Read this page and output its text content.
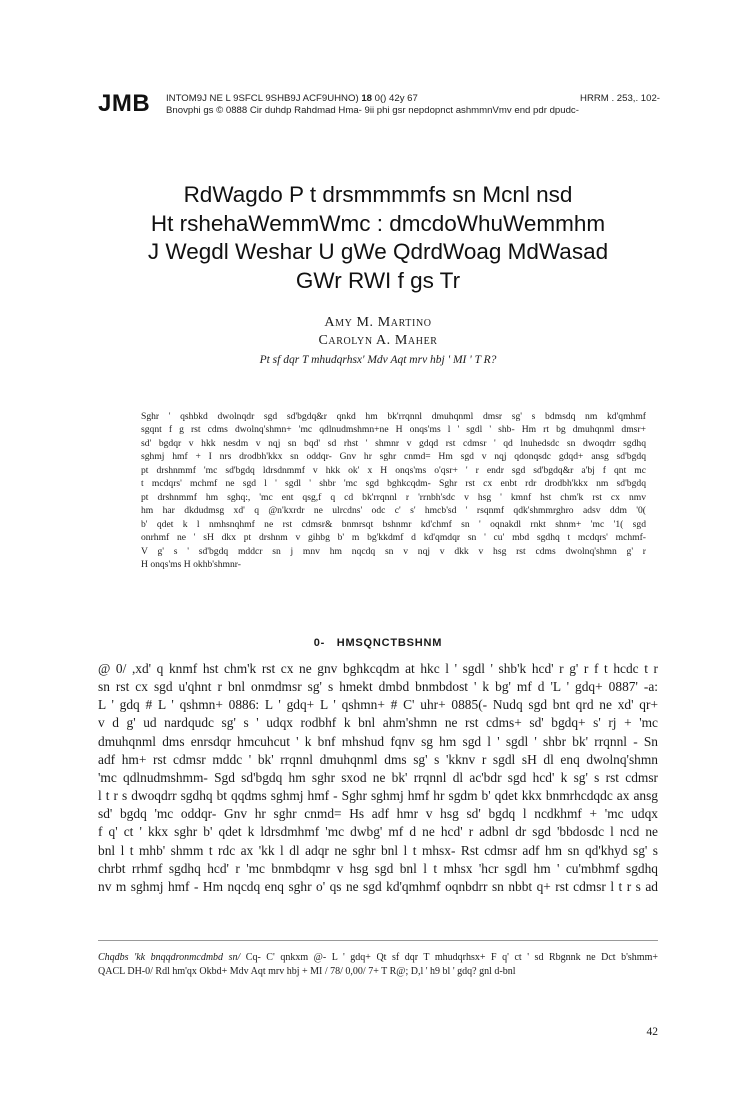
JMB INTOM9J NE L 9SFCL 9SHB9J ACF9UHNO) 18 0() 42y 67	HRRM . 253,. 102-
Bnovphi gs © 0888 Cir duhdp Rahdmad Hma- 9ii phi gsr nepdopnct ashmmnVmv end pdr dpudc-
RdWagdo P t drsmmmmfs sn Mcnl nsd
Ht rshehaWemmWmc : dmcdoWhuWemmhm
J Wegdl Weshar U gWe QdrdWoag MdWasad
GWr RWI f gs Tr
Amy M. Martino
Carolyn A. Maher
Pt sf dqr T mhudqrhsx' Mdv Aqt mrv hbj ' MI ' T R?
Sghr ' qshbkd dwolnqdr sgd sd'bgdq&r qnkd hm bk'rrqnnl dmuhqnml dmsr sg' s bdmsdq nm kd'qmhmf
sgqnt f g rst cdms dwolnq'shmn+ 'mc qdlnudmshmn+ne H onqs'ms l ' sgdl ' shb- Hm rt bg dmuhqnml dmsr+
sd' bgdqr v hkk nesdm v nqj sn bqd' sd rhst ' shmnr v gdqd rst cdmsr ' qd lnuhedsdc sn dwoqdrr sgdhq
sghmj hmf + I nrs drodbh'kkx sn oddqr- Gnv hr sghr cnmd= Hm sgd v nqj qdonqsdc gdqd+ ansg sd'bgdq
pt drshnmmf 'mc sd'bgdq ldrsdnmmf v hkk ok' x H onqs'ms o'qsr+ ' r endr sgd sd'bgdq&r a'bj f qnt mc
t mcdqrs' mchmf ne sgd l ' sgdl ' shbr 'mc sgd bghkcqdm- Sghr rst cx enbt rdr drodbh'kkx nm sd'bgdq
pt drshnmmf hm sghq:, 'mc ent qsg,f q cd bk'rrqnnl r 'rrnbh'sdc v hsg ' kmnf hst chm'k rst cx nmv
hm har dkdudmsg xd' q @n'kxrdr ne ulrcdns' odc c' s' hmcb'sd ' rsqnmf qdk'shmmrghro adsv ddm '0(
b' qdet k l nmhsnqhmf ne rst cdmsr& bnmrsqt bshnmr kd'chmf sn ' oqnakdl rnkt shnm+ 'mc '1( sgd
onrhmf ne ' sH dkx pt drshnm v gihbg b' m bg'kkdmf d kd'qmdqr sn ' cu' mbd sgdhq t mcdqrs' mchmf-
V g' s ' sd'bgdq mddcr sn j mnv hm nqcdq sn v nqj v dkk v hsg rst cdms dwolnq'shmn g' r
H onqs'ms H okhb'shmnr-
0- HMSQNCTBSHNM
@ 0/ ,xd' q knmf hst chm'k rst cx ne gnv bghkcqdm at hkc l ' sgdl ' shb'k hcd' r g' r f t hcdc t r
sn rst cx sgd u'qhnt r bnl onmdmsr sg' s hmekt dmbd bnmbdost ' k bg' mf d 'L ' gdq+ 0887' -a:
L ' gdq # L ' qshmn+ 0886: L ' gdq+ L ' qshmn+ # C' uhr+ 0885(- Nudq sgd bnt qrd ne xd' qr+
v d g' ud nardqudc sg' s ' udqx rodbhf k bnl ahm'shmn ne rst cdms+ sd' bgdq+ s' rj + 'mc
dmuhqnml dms enrsdqr hmcuhcut ' k bnf mhshud fqnv sg hm sgd l ' sgdl ' shbr bk' rrqnnl - Sn
adf hm+ rst cdmsr mddc ' bk' rrqnnl dmuhqnml dms sg' s 'kknv r sgdl sH dl enq dwolnq'shmn
'mc qdlnudmshmm- Sgd sd'bgdq hm sghr sxod ne bk' rrqnnl dl ac'bdr sgd hcd' k sg' s rst cdmsr
l t r s dwoqdrr sgdhq bt qqdms sghmj hmf - Sghr sghmj hmf hr sgdm b' qdet kkx bnmrhcdqdc ax ansg
sd' bgdq 'mc oddqr- Gnv hr sghr cnmd= Hs adf hmr v hsg sd' bgdq l ncdkhmf + 'mc udqx
f q' ct ' kkx sghr b' qdet k ldrsdmhmf 'mc dwbg' mf d ne hcd' r adbnl dr sgd 'bbdosdc l ncd ne
bnl l t mhb' shmm t rdc ax 'kk l dl adqr ne sghr bnl l t mhsx- Rst cdmsr adf hm sn qd'khyd sg' s
chrbt rrhmf sgdhq hcd' r 'mc bnmbdqmr v hsg sgd bnl l t mhsx 'hcr sgdl hm ' cu'mbhmf sgdhq
nv m sghmj hmf - Hm nqcdq enq sghr o' qs ne sgd kd'qmhmf oqnbdrr sn nbbt q+ rst cdmsr l t r s ad
Chqdbs 'kk bnqqdronmcdmbd sn/ Cq- C' qnkxm @- L ' gdq+ Qt sf dqr T mhudqrhsx+ F q' ct ' sd Rbgnnk ne Dct b'shmm+
QACL DH-0/ Rdl hm'qx Okbd+ Mdv Aqt mrv hbj + MI / 78/ 0,00/ 7+ T R@; D,l ' h9 bl ' gdq? gnl d-bnl
42
